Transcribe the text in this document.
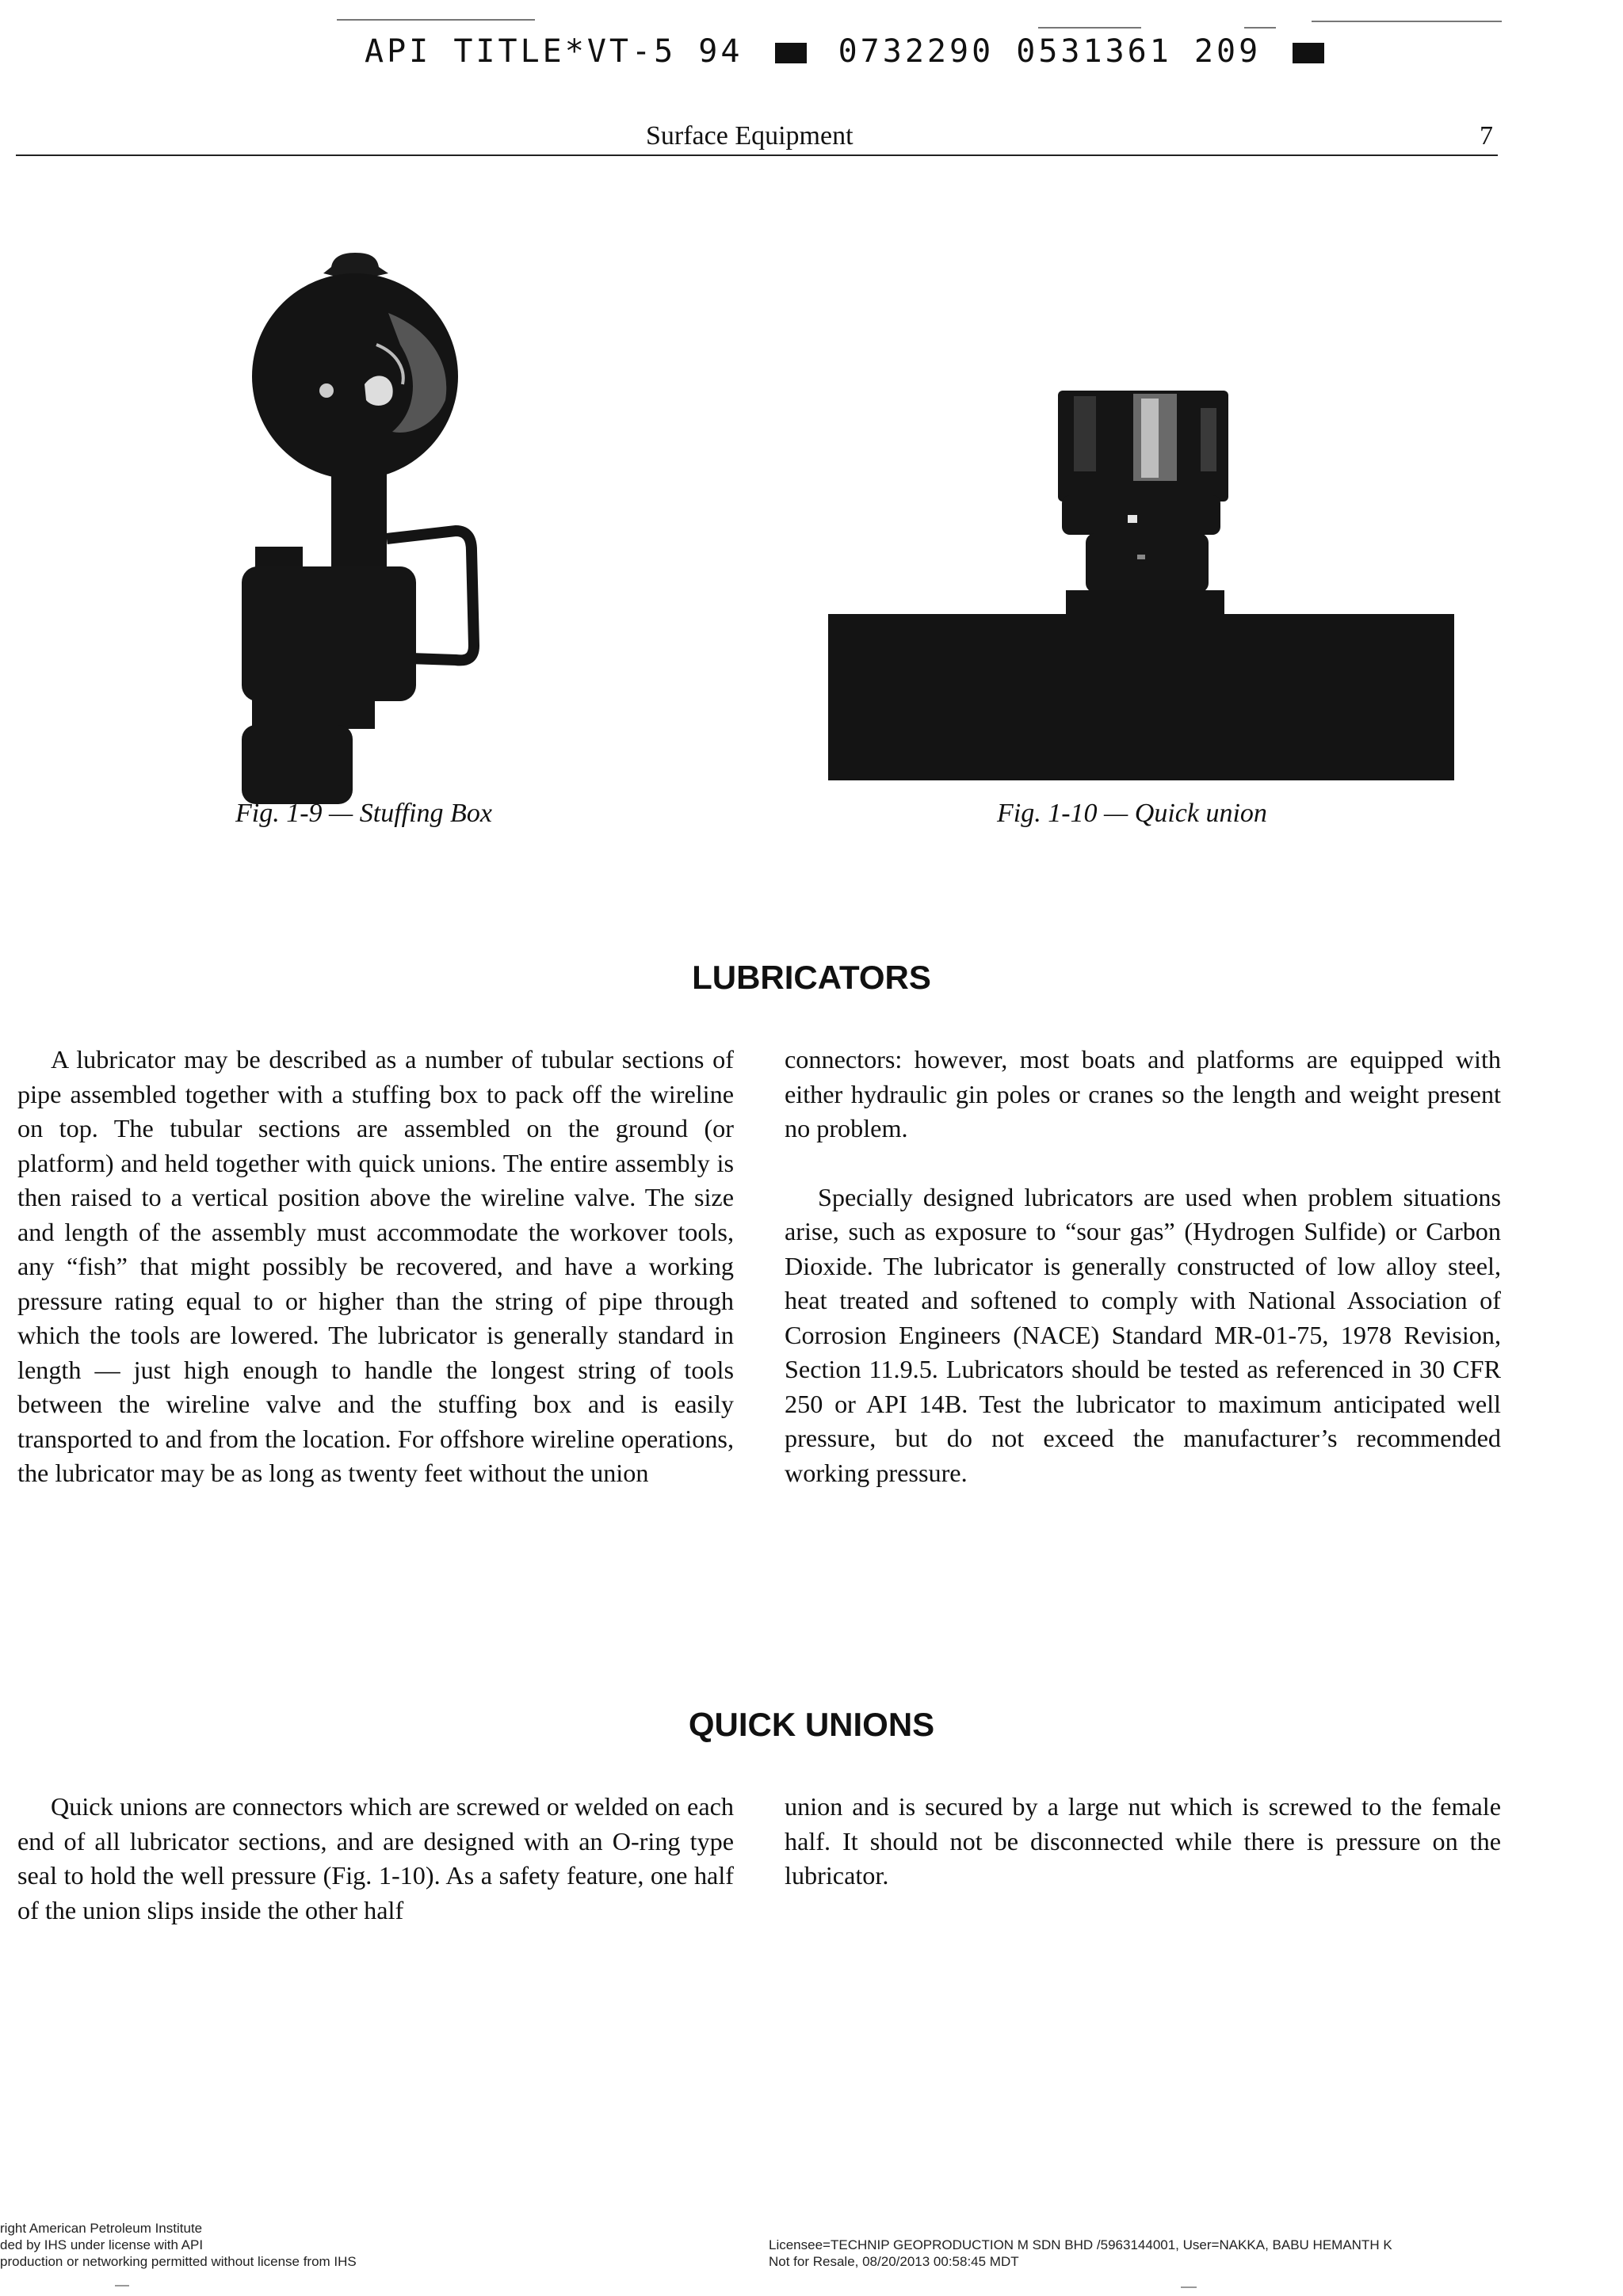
API TITLE*VT-5 94	0732290 0531361 209
Surface Equipment	7
Fig. 1-9 — Stuffing Box	Fig. 1-10 — Quick union
LUBRICATORS

A lubricator may be described as a number of tubular sections of pipe assembled together with a stuffing box to pack off the wireline on top. The tubular sections are assembled on the ground (or platform) and held together with quick unions. The entire assembly is then raised to a vertical position above the wireline valve. The size and length of the assembly must accommodate the workover tools, any “fish” that might possibly be recovered, and have a working pressure rating equal to or higher than the string of pipe through which the tools are lowered. The lubricator is generally standard in length — just high enough to handle the longest string of tools between the wireline valve and the stuffing box and is easily transported to and from the location. For offshore wireline operations, the lubricator may be as long as twenty feet without the union

connectors: however, most boats and platforms are equipped with either hydraulic gin poles or cranes so the length and weight present no problem.

Specially designed lubricators are used when problem situations arise, such as exposure to “sour gas” (Hydrogen Sulfide) or Carbon Dioxide. The lubricator is generally constructed of low alloy steel, heat treated and softened to comply with National Association of Corrosion Engineers (NACE) Standard MR-01-75, 1978 Revision, Section 11.9.5. Lubricators should be tested as referenced in 30 CFR 250 or API 14B. Test the lubricator to maximum anticipated well pressure, but do not exceed the manufacturer’s recommended working pressure.

QUICK UNIONS

Quick unions are connectors which are screwed or welded on each end of all lubricator sections, and are designed with an O-ring type seal to hold the well pressure (Fig. 1-10). As a safety feature, one half of the union slips inside the other half

union and is secured by a large nut which is screwed to the female half. It should not be disconnected while there is pressure on the lubricator.

right American Petroleum Institute
ded by IHS under license with API
production or networking permitted without license from IHS
Licensee=TECHNIP GEOPRODUCTION M SDN BHD /5963144001, User=NAKKA, BABU HEMANTH K
Not for Resale, 08/20/2013 00:58:45 MDT
